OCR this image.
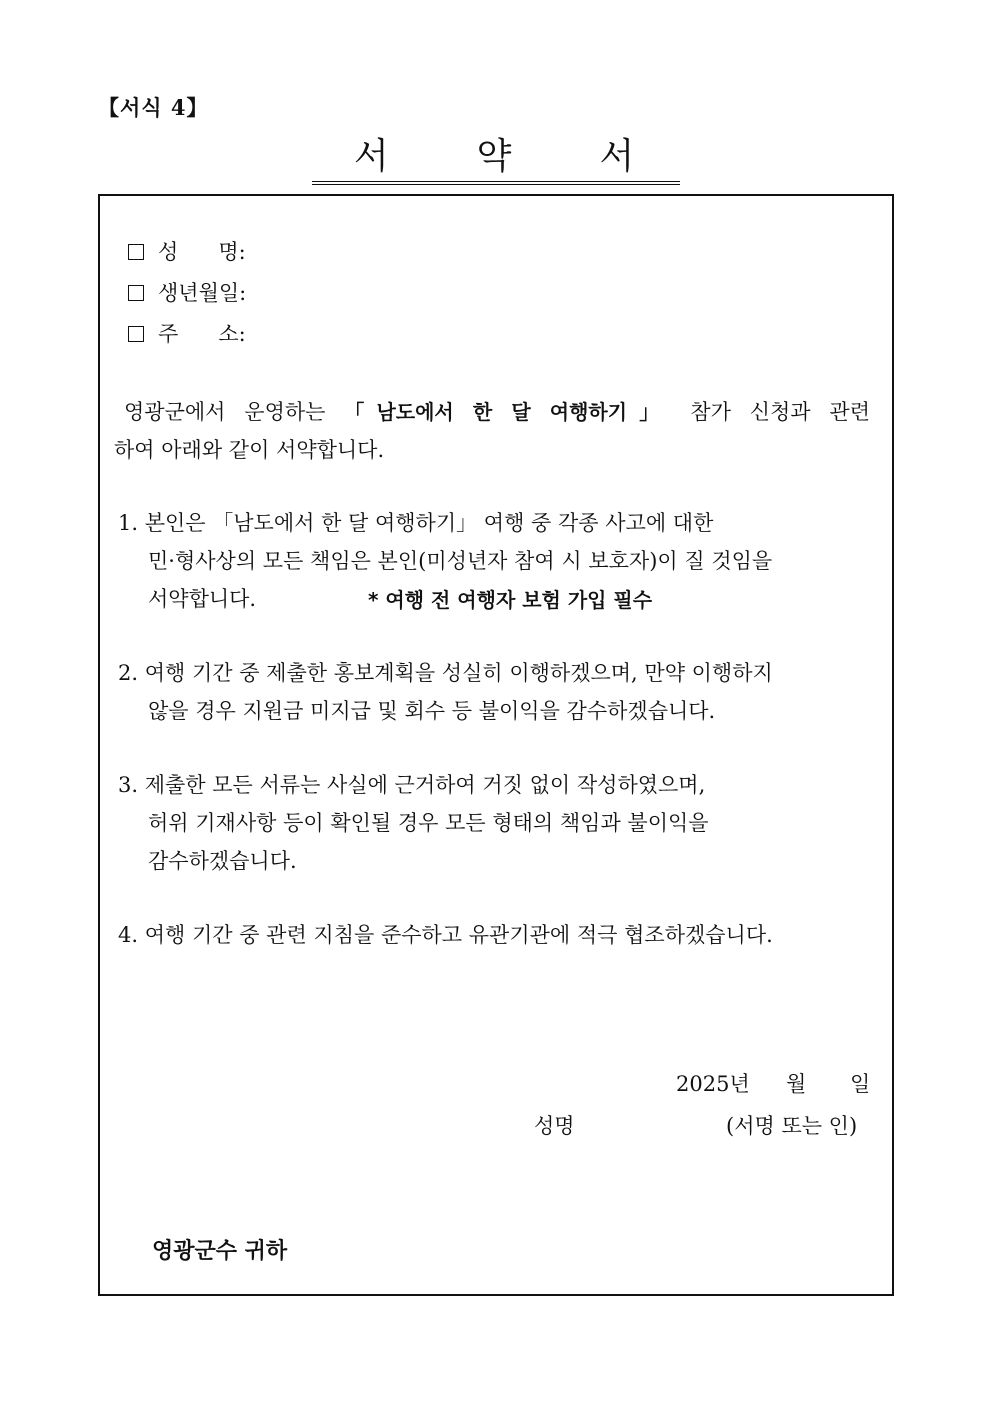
【서식 4】
서 약 서
성      명:
생년월일:
주      소:
영광군에서 운영하는 「남도에서 한 달 여행하기」 참가 신청과 관련
하여 아래와 같이 서약합니다.
1. 본인은 「남도에서 한 달 여행하기」 여행 중 각종 사고에 대한
민·형사상의 모든 책임은 본인(미성년자 참여 시 보호자)이 질 것임을
서약합니다.	* 여행 전 여행자 보험 가입 필수
2. 여행 기간 중 제출한 홍보계획을 성실히 이행하겠으며, 만약 이행하지
않을 경우 지원금 미지급 및 회수 등 불이익을 감수하겠습니다.
3. 제출한 모든 서류는 사실에 근거하여 거짓 없이 작성하였으며,
허위 기재사항 등이 확인될 경우 모든 형태의 책임과 불이익을
감수하겠습니다.
4. 여행 기간 중 관련 지침을 준수하고 유관기관에 적극 협조하겠습니다.
2025년 월 일
성명	(서명 또는 인)
영광군수 귀하
